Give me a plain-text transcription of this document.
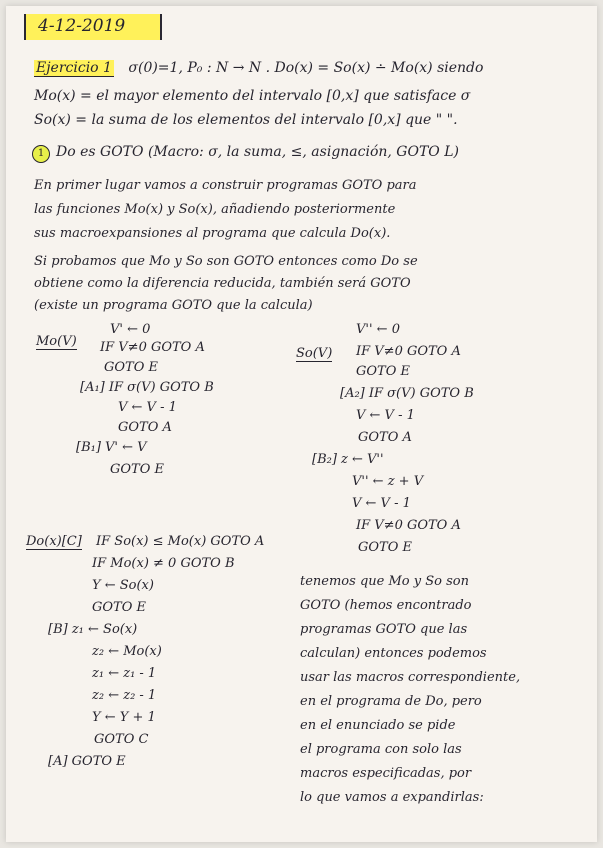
4-12-2019
Ejercicio 1 σ(0)=1, P₀ : N → N . Do(x) = So(x) ∸ Mo(x) siendo
Mo(x) = el mayor elemento del intervalo [0,x] que satisface σ
So(x) = la suma de los elementos del intervalo [0,x] que " ".
1 Do es GOTO (Macro: σ, la suma, ≤, asignación, GOTO L)
En primer lugar vamos a construir programas GOTO para
las funciones Mo(x) y So(x), añadiendo posteriormente
sus macroexpansiones al programa que calcula Do(x).
Si probamos que Mo y So son GOTO entonces como Do se
obtiene como la diferencia reducida, también será GOTO
(existe un programa GOTO que la calcula)
Mo(V)
V' ← 0
IF V≠0 GOTO A
GOTO E
[A₁] IF σ(V) GOTO B
V ← V - 1
GOTO A
[B₁] V' ← V
GOTO E
So(V)
V'' ← 0
IF V≠0 GOTO A
GOTO E
[A₂] IF σ(V) GOTO B
V ← V - 1
GOTO A
[B₂] z ← V''
V'' ← z + V
V ← V - 1
IF V≠0 GOTO A
GOTO E
Do(x)[C] IF So(x) ≤ Mo(x) GOTO A
IF Mo(x) ≠ 0 GOTO B
Y ← So(x)
GOTO E
[B] z₁ ← So(x)
z₂ ← Mo(x)
z₁ ← z₁ - 1
z₂ ← z₂ - 1
Y ← Y + 1
GOTO C
[A] GOTO E
tenemos que Mo y So son
GOTO (hemos encontrado
programas GOTO que las
calculan) entonces podemos
usar las macros correspondiente,
en el programa de Do, pero
en el enunciado se pide
el programa con solo las
macros especificadas, por
lo que vamos a expandirlas:
